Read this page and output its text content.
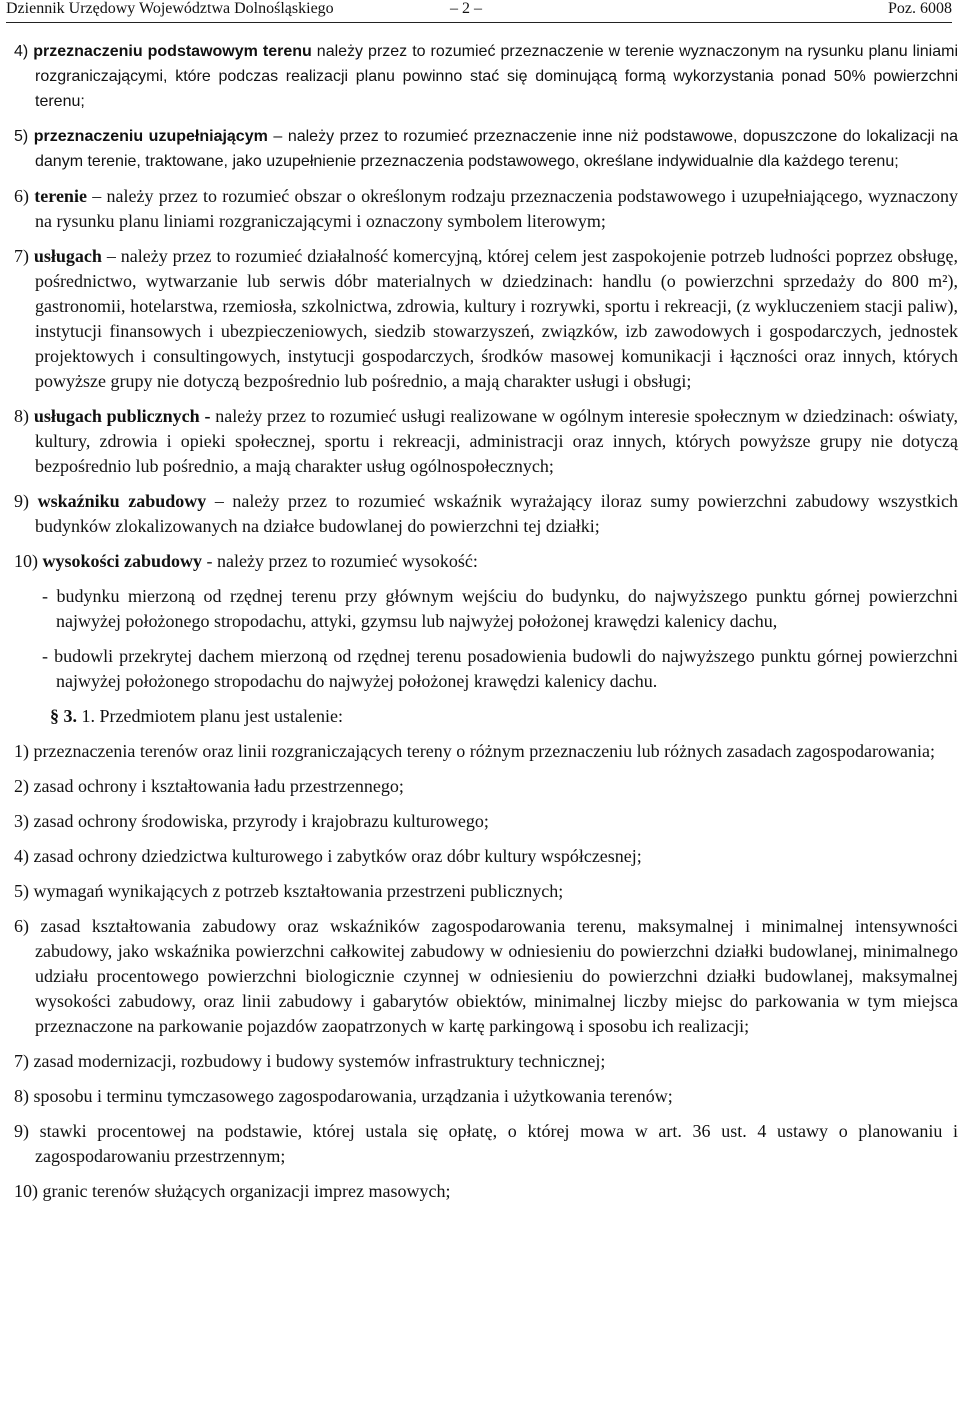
Dziennik Urzędowy Województwa Dolnośląskiego	– 2 –	Poz. 6008

4) przeznaczeniu podstawowym terenu należy przez to rozumieć przeznaczenie w terenie wyznaczonym na rysunku planu liniami rozgraniczającymi, które podczas realizacji planu powinno stać się dominującą formą wykorzystania ponad 50% powierzchni terenu;

5) przeznaczeniu uzupełniającym – należy przez to rozumieć przeznaczenie inne niż podstawowe, dopuszczone do lokalizacji na danym terenie, traktowane, jako uzupełnienie przeznaczenia podstawowego, określane indywidualnie dla każdego terenu;

6) terenie – należy przez to rozumieć obszar o określonym rodzaju przeznaczenia podstawowego i uzupełniającego, wyznaczony na rysunku planu liniami rozgraniczającymi i oznaczony symbolem literowym;

7) usługach – należy przez to rozumieć działalność komercyjną, której celem jest zaspokojenie potrzeb ludności poprzez obsługę, pośrednictwo, wytwarzanie lub serwis dóbr materialnych w dziedzinach: handlu (o powierzchni sprzedaży do 800 m²), gastronomii, hotelarstwa, rzemiosła, szkolnictwa, zdrowia, kultury i rozrywki, sportu i rekreacji, (z wykluczeniem stacji paliw), instytucji finansowych i ubezpieczeniowych, siedzib stowarzyszeń, związków, izb zawodowych i gospodarczych, jednostek projektowych i consultingowych, instytucji gospodarczych, środków masowej komunikacji i łączności oraz innych, których powyższe grupy nie dotyczą bezpośrednio lub pośrednio, a mają charakter usługi i obsługi;

8) usługach publicznych - należy przez to rozumieć usługi realizowane w ogólnym interesie społecznym w dziedzinach: oświaty, kultury, zdrowia i opieki społecznej, sportu i rekreacji, administracji oraz innych, których powyższe grupy nie dotyczą bezpośrednio lub pośrednio, a mają charakter usług ogólnospołecznych;

9) wskaźniku zabudowy – należy przez to rozumieć wskaźnik wyrażający iloraz sumy powierzchni zabudowy wszystkich budynków zlokalizowanych na działce budowlanej do powierzchni tej działki;

10) wysokości zabudowy - należy przez to rozumieć wysokość:

- budynku mierzoną od rzędnej terenu przy głównym wejściu do budynku, do najwyższego punktu górnej powierzchni najwyżej położonego stropodachu, attyki, gzymsu lub najwyżej położonej krawędzi kalenicy dachu,

- budowli przekrytej dachem mierzoną od rzędnej terenu posadowienia budowli do najwyższego punktu górnej powierzchni najwyżej położonego stropodachu do najwyżej położonej krawędzi kalenicy dachu.

§ 3. 1. Przedmiotem planu jest ustalenie:

1) przeznaczenia terenów oraz linii rozgraniczających tereny o różnym przeznaczeniu lub różnych zasadach zagospodarowania;

2) zasad ochrony i kształtowania ładu przestrzennego;

3) zasad ochrony środowiska, przyrody i krajobrazu kulturowego;

4) zasad ochrony dziedzictwa kulturowego i zabytków oraz dóbr kultury współczesnej;

5) wymagań wynikających z potrzeb kształtowania przestrzeni publicznych;

6) zasad kształtowania zabudowy oraz wskaźników zagospodarowania terenu, maksymalnej i minimalnej intensywności zabudowy, jako wskaźnika powierzchni całkowitej zabudowy w odniesieniu do powierzchni działki budowlanej, minimalnego udziału procentowego powierzchni biologicznie czynnej w odniesieniu do powierzchni działki budowlanej, maksymalnej wysokości zabudowy, oraz linii zabudowy i gabarytów obiektów, minimalnej liczby miejsc do parkowania w tym miejsca przeznaczone na parkowanie pojazdów zaopatrzonych w kartę parkingową i sposobu ich realizacji;

7) zasad modernizacji, rozbudowy i budowy systemów infrastruktury technicznej;

8) sposobu i terminu tymczasowego zagospodarowania, urządzania i użytkowania terenów;

9) stawki procentowej na podstawie, której ustala się opłatę, o której mowa w art. 36 ust. 4 ustawy o planowaniu i zagospodarowaniu przestrzennym;

10) granic terenów służących organizacji imprez masowych;
